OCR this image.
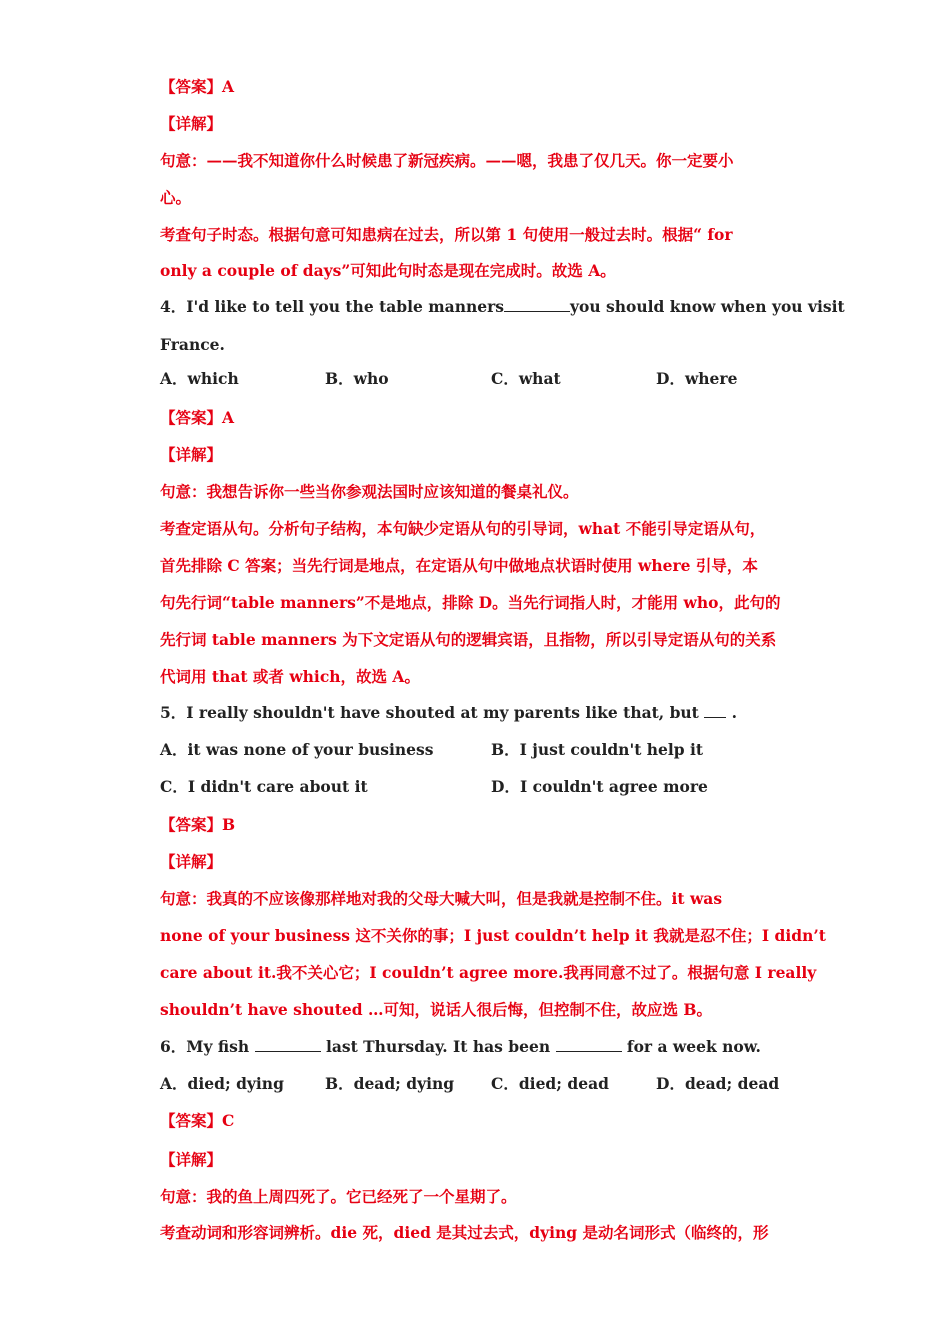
【答案】A
【详解】
句意：——我不知道你什么时候患了新冠疾病。——嗯，我患了仅几天。你一定要小
心。
考查句子时态。根据句意可知患病在过去，所以第 1 句使用一般过去时。根据“ for
only a couple of days”可知此句时态是现在完成时。故选 A。
4．I'd like to tell you the table manners	you should know when you visit
France.
A．which	B．who	C．what	D．where
【答案】A
【详解】
句意：我想告诉你一些当你参观法国时应该知道的餐桌礼仪。
考查定语从句。分析句子结构，本句缺少定语从句的引导词，what 不能引导定语从句，
首先排除 C 答案；当先行词是地点，在定语从句中做地点状语时使用 where 引导，本
句先行词“table manners”不是地点，排除 D。当先行词指人时，才能用 who，此句的
先行词 table manners 为下文定语从句的逻辑宾语，且指物，所以引导定语从句的关系
代词用 that 或者 which，故选 A。
5．I really shouldn't have shouted at my parents like that, but .
A．it was none of your business	B．I just couldn't help it
C．I didn't care about it	D．I couldn't agree more
【答案】B
【详解】
句意：我真的不应该像那样地对我的父母大喊大叫，但是我就是控制不住。it was
none of your business 这不关你的事；I just couldn’t help it 我就是忍不住；I didn’t
care about it.我不关心它；I couldn’t agree more.我再同意不过了。根据句意 I really
shouldn’t have shouted …可知，说话人很后悔，但控制不住，故应选 B。
6．My fish	last Thursday. It has been	for a week now.
A．died; dying	B．dead; dying C．died; dead	D．dead; dead
【答案】C
【详解】
句意：我的鱼上周四死了。它已经死了一个星期了。
考查动词和形容词辨析。die 死，died 是其过去式，dying 是动名词形式（临终的，形
